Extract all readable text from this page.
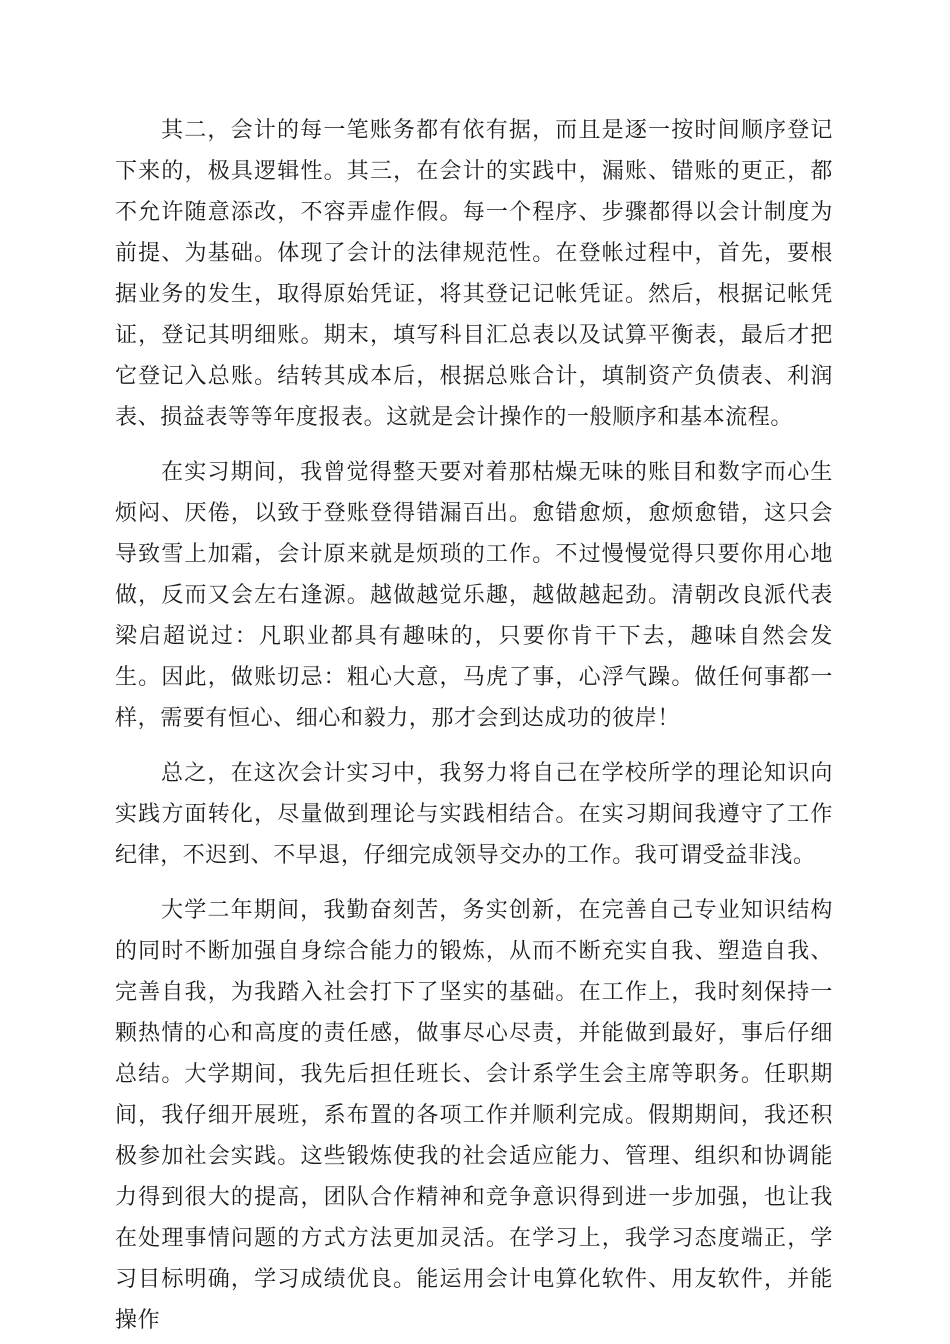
其二，会计的每一笔账务都有依有据，而且是逐一按时间顺序登记下来的，极具逻辑性。其三，在会计的实践中，漏账、错账的更正，都不允许随意添改，不容弄虚作假。每一个程序、步骤都得以会计制度为前提、为基础。体现了会计的法律规范性。在登帐过程中，首先，要根据业务的发生，取得原始凭证，将其登记记帐凭证。然后，根据记帐凭证，登记其明细账。期末，填写科目汇总表以及试算平衡表，最后才把它登记入总账。结转其成本后，根据总账合计，填制资产负债表、利润表、损益表等等年度报表。这就是会计操作的一般顺序和基本流程。

在实习期间，我曾觉得整天要对着那枯燥无味的账目和数字而心生烦闷、厌倦，以致于登账登得错漏百出。愈错愈烦，愈烦愈错，这只会导致雪上加霜，会计原来就是烦琐的工作。不过慢慢觉得只要你用心地做，反而又会左右逢源。越做越觉乐趣，越做越起劲。清朝改良派代表梁启超说过：凡职业都具有趣味的，只要你肯干下去，趣味自然会发生。因此，做账切忌：粗心大意，马虎了事，心浮气躁。做任何事都一样，需要有恒心、细心和毅力，那才会到达成功的彼岸！

总之，在这次会计实习中，我努力将自己在学校所学的理论知识向实践方面转化，尽量做到理论与实践相结合。在实习期间我遵守了工作纪律，不迟到、不早退，仔细完成领导交办的工作。我可谓受益非浅。

大学二年期间，我勤奋刻苦，务实创新，在完善自己专业知识结构的同时不断加强自身综合能力的锻炼，从而不断充实自我、塑造自我、完善自我，为我踏入社会打下了坚实的基础。在工作上，我时刻保持一颗热情的心和高度的责任感，做事尽心尽责，并能做到最好，事后仔细总结。大学期间，我先后担任班长、会计系学生会主席等职务。任职期间，我仔细开展班，系布置的各项工作并顺利完成。假期期间，我还积极参加社会实践。这些锻炼使我的社会适应能力、管理、组织和协调能力得到很大的提高，团队合作精神和竞争意识得到进一步加强，也让我在处理事情问题的方式方法更加灵活。在学习上，我学习态度端正，学习目标明确，学习成绩优良。能运用会计电算化软件、用友软件，并能操作
